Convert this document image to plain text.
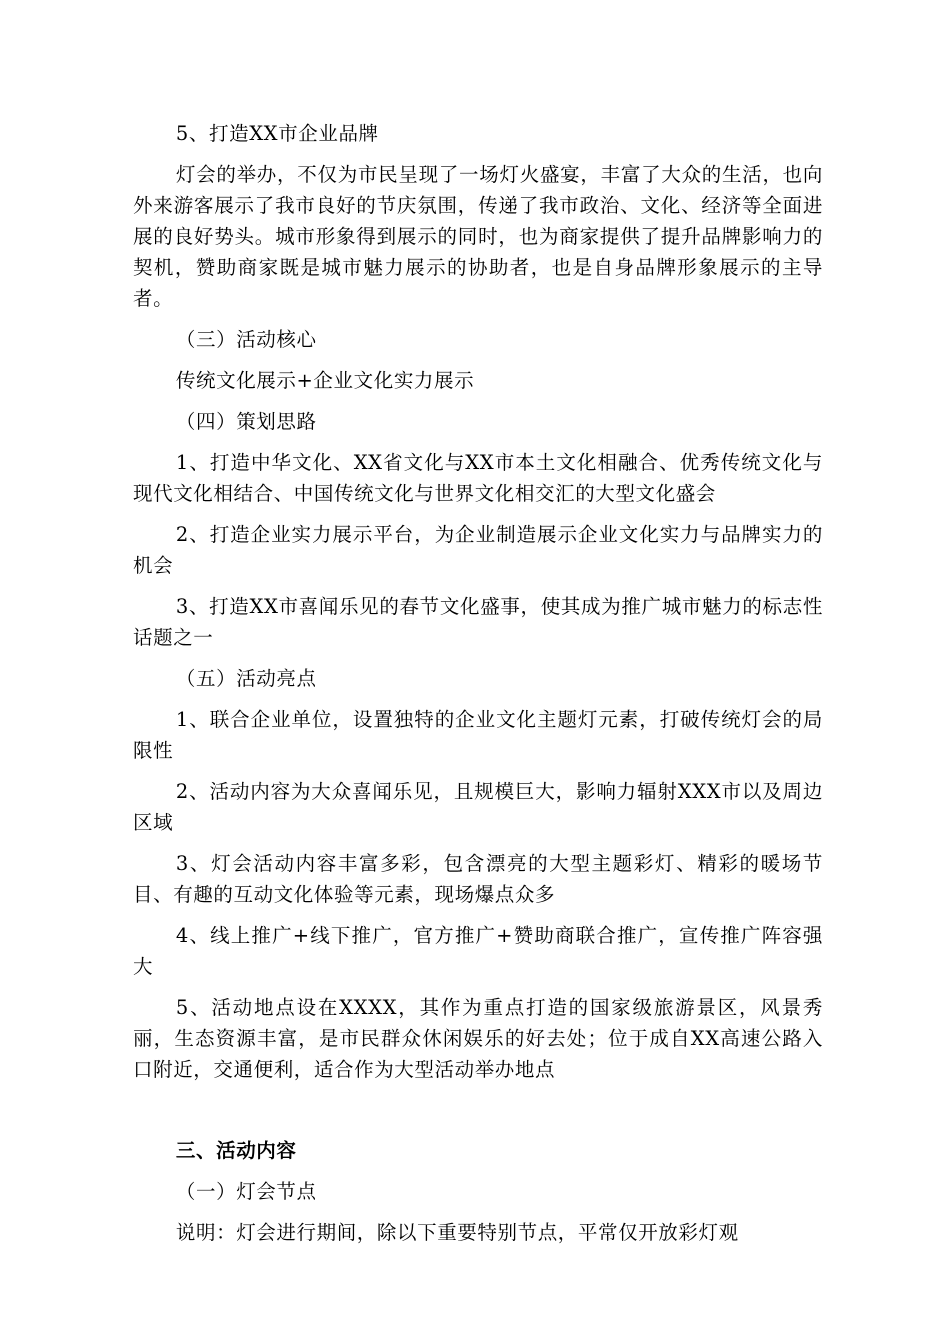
5、打造XX市企业品牌

灯会的举办，不仅为市民呈现了一场灯火盛宴，丰富了大众的生活，也向外来游客展示了我市良好的节庆氛围，传递了我市政治、文化、经济等全面进展的良好势头。城市形象得到展示的同时，也为商家提供了提升品牌影响力的契机，赞助商家既是城市魅力展示的协助者，也是自身品牌形象展示的主导者。

（三）活动核心

传统文化展示+企业文化实力展示

（四）策划思路

1、打造中华文化、XX省文化与XX市本土文化相融合、优秀传统文化与现代文化相结合、中国传统文化与世界文化相交汇的大型文化盛会

2、打造企业实力展示平台，为企业制造展示企业文化实力与品牌实力的机会

3、打造XX市喜闻乐见的春节文化盛事，使其成为推广城市魅力的标志性话题之一

（五）活动亮点

1、联合企业单位，设置独特的企业文化主题灯元素，打破传统灯会的局限性

2、活动内容为大众喜闻乐见，且规模巨大，影响力辐射XXX市以及周边区域

3、灯会活动内容丰富多彩，包含漂亮的大型主题彩灯、精彩的暖场节目、有趣的互动文化体验等元素，现场爆点众多

4、线上推广+线下推广，官方推广+赞助商联合推广，宣传推广阵容强大

5、活动地点设在XXXX，其作为重点打造的国家级旅游景区，风景秀丽，生态资源丰富，是市民群众休闲娱乐的好去处；位于成自XX高速公路入口附近，交通便利，适合作为大型活动举办地点

三、活动内容

（一）灯会节点

说明：灯会进行期间，除以下重要特别节点，平常仅开放彩灯观
